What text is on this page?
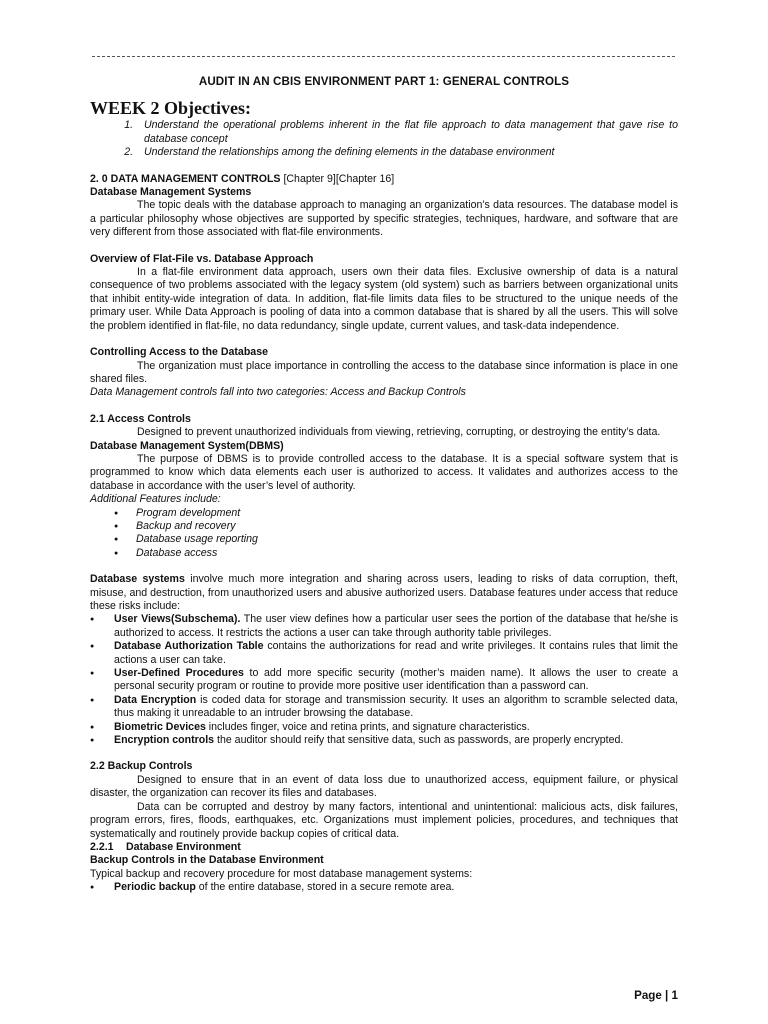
AUDIT IN AN CBIS ENVIRONMENT PART 1: GENERAL CONTROLS
WEEK 2 Objectives:
1. Understand the operational problems inherent in the flat file approach to data management that gave rise to database concept
2. Understand the relationships among the defining elements in the database environment

2. 0 DATA MANAGEMENT CONTROLS [Chapter 9][Chapter 16]

Database Management Systems

The topic deals with the database approach to managing an organization’s data resources. The database model is a particular philosophy whose objectives are supported by specific strategies, techniques, hardware, and software that are very different from those associated with flat-file environments.

Overview of Flat-File vs. Database Approach

In a flat-file environment data approach, users own their data files. Exclusive ownership of data is a natural consequence of two problems associated with the legacy system (old system) such as barriers between organizational units that inhibit entity-wide integration of data. In addition, flat-file limits data files to be structured to the unique needs of the primary user. While Data Approach is pooling of data into a common database that is shared by all the users. This will solve the problem identified in flat-file, no data redundancy, single update, current values, and task-data independence.

Controlling Access to the Database

The organization must place importance in controlling the access to the database since information is place in one shared files.

Data Management controls fall into two categories: Access and Backup Controls

2.1 Access Controls

Designed to prevent unauthorized individuals from viewing, retrieving, corrupting, or destroying the entity’s data.

Database Management System(DBMS)

The purpose of DBMS is to provide controlled access to the database. It is a special software system that is programmed to know which data elements each user is authorized to access. It validates and authorizes access to the database in accordance with the user’s level of authority.

Additional Features include:

● Program development
● Backup and recovery
● Database usage reporting
● Database access

Database systems involve much more integration and sharing across users, leading to risks of data corruption, theft, misuse, and destruction, from unauthorized users and abusive authorized users. Database features under access that reduce these risks include:

● User Views(Subschema). The user view defines how a particular user sees the portion of the database that he/she is authorized to access. It restricts the actions a user can take through authority table privileges.
● Database Authorization Table contains the authorizations for read and write privileges. It contains rules that limit the actions a user can take.
● User-Defined Procedures to add more specific security (mother’s maiden name). It allows the user to create a personal security program or routine to provide more positive user identification than a password can.
● Data Encryption is coded data for storage and transmission security. It uses an algorithm to scramble selected data, thus making it unreadable to an intruder browsing the database.
● Biometric Devices includes finger, voice and retina prints, and signature characteristics.
● Encryption controls the auditor should reify that sensitive data, such as passwords, are properly encrypted.

2.2 Backup Controls

Designed to ensure that in an event of data loss due to unauthorized access, equipment failure, or physical disaster, the organization can recover its files and databases.

Data can be corrupted and destroy by many factors, intentional and unintentional: malicious acts, disk failures, program errors, fires, floods, earthquakes, etc. Organizations must implement policies, procedures, and techniques that systematically and routinely provide backup copies of critical data.

2.2.1 Database Environment

Backup Controls in the Database Environment

Typical backup and recovery procedure for most database management systems:

● Periodic backup of the entire database, stored in a secure remote area.
Page | 1
